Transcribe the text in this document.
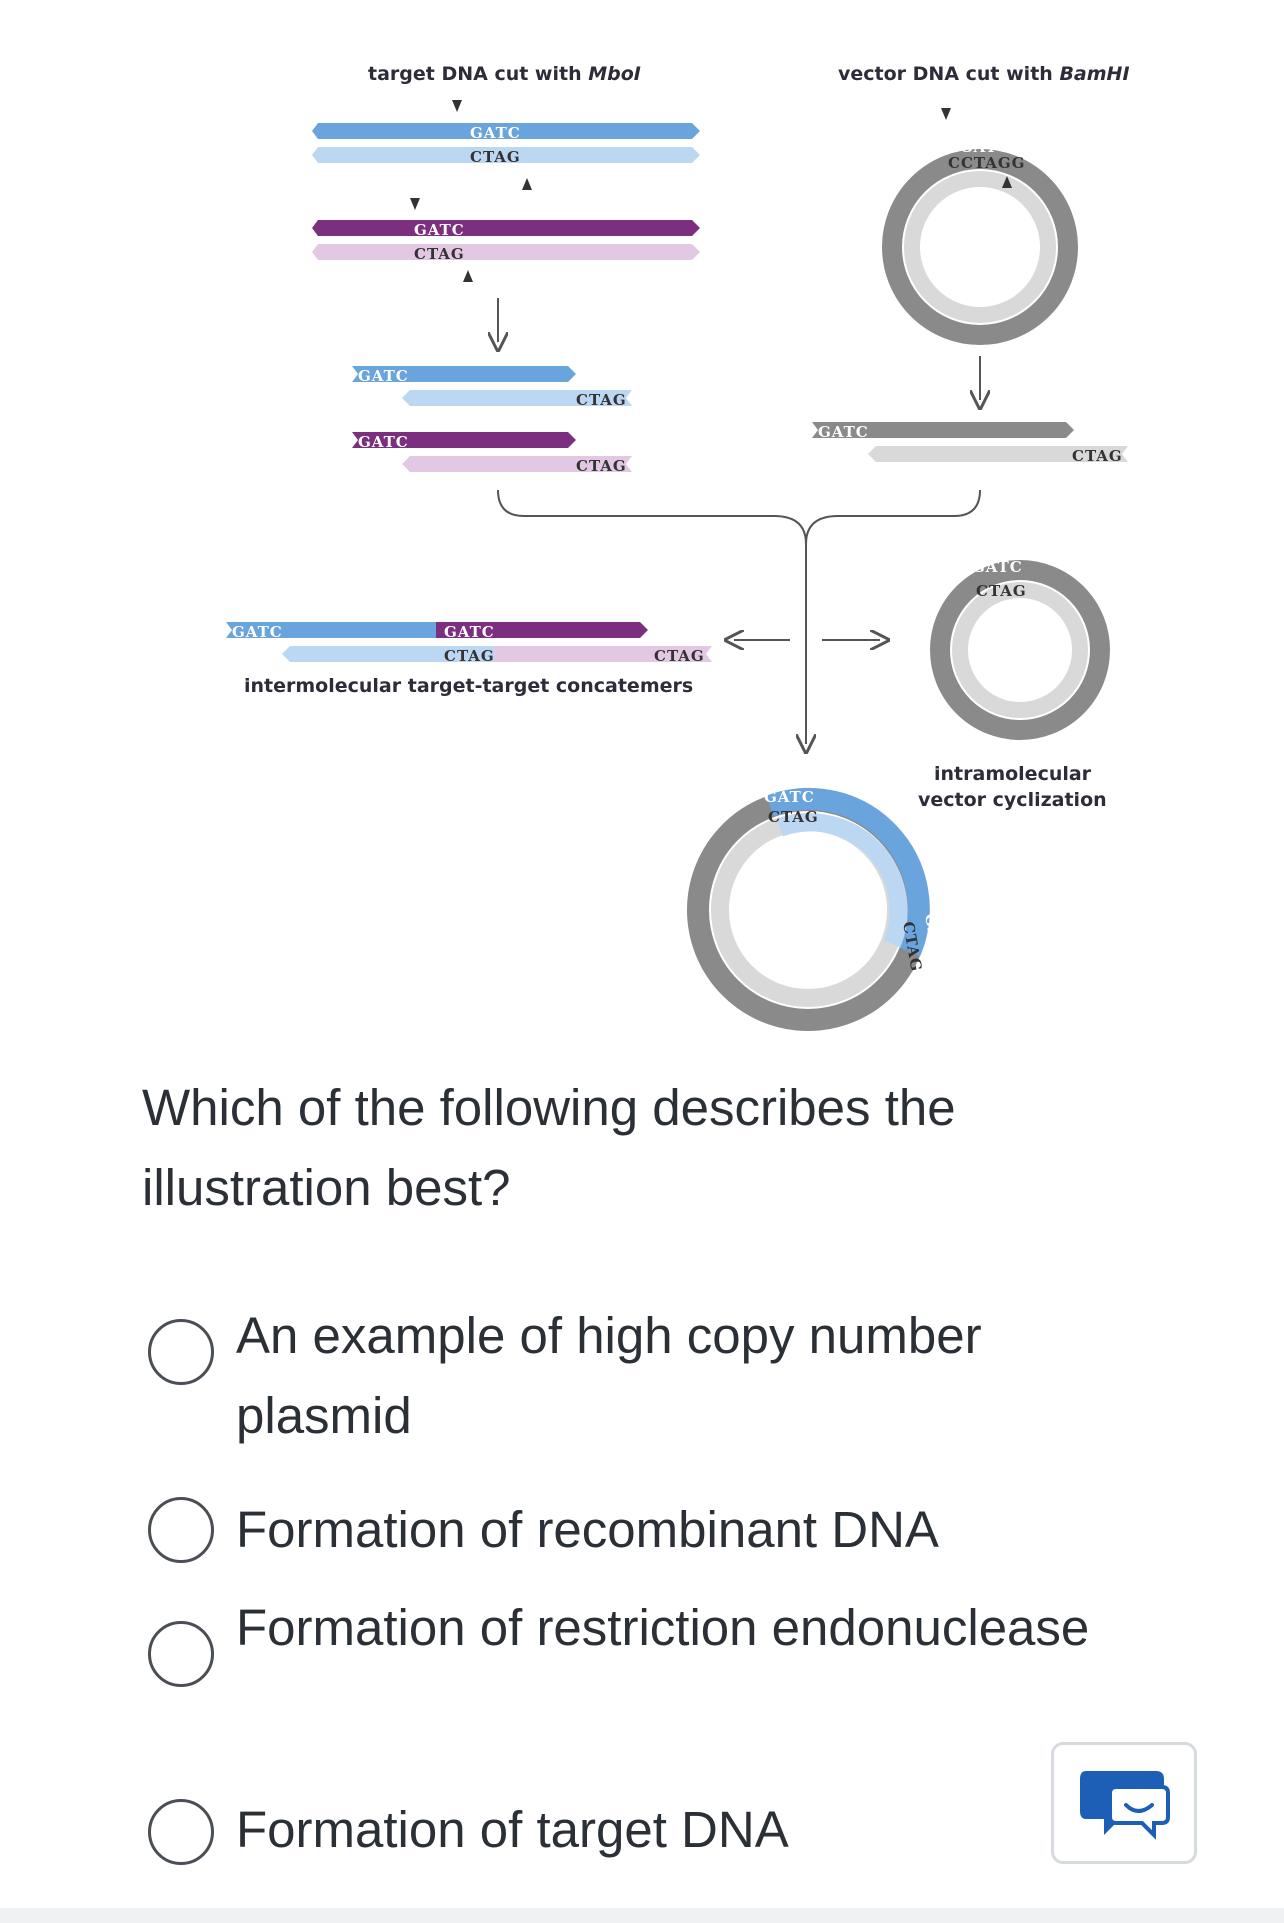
target DNA cut with MboI	vector DNA cut with BamHI
GATC
CTAG
GATC
CTAG
GATC
CTAG
GATC
CTAG
GGATCC
CCTAGG
GATC
CTAG
GATC	GATC
CTAG	CTAG
intermolecular target-target concatemers
GATC
CTAG
intramolecular
vector cyclization
GATC
CTAG
CTAG
GATC

Which of the following describes the illustration best?

An example of high copy number plasmid
Formation of recombinant DNA
Formation of restriction endonuclease
Formation of target DNA
